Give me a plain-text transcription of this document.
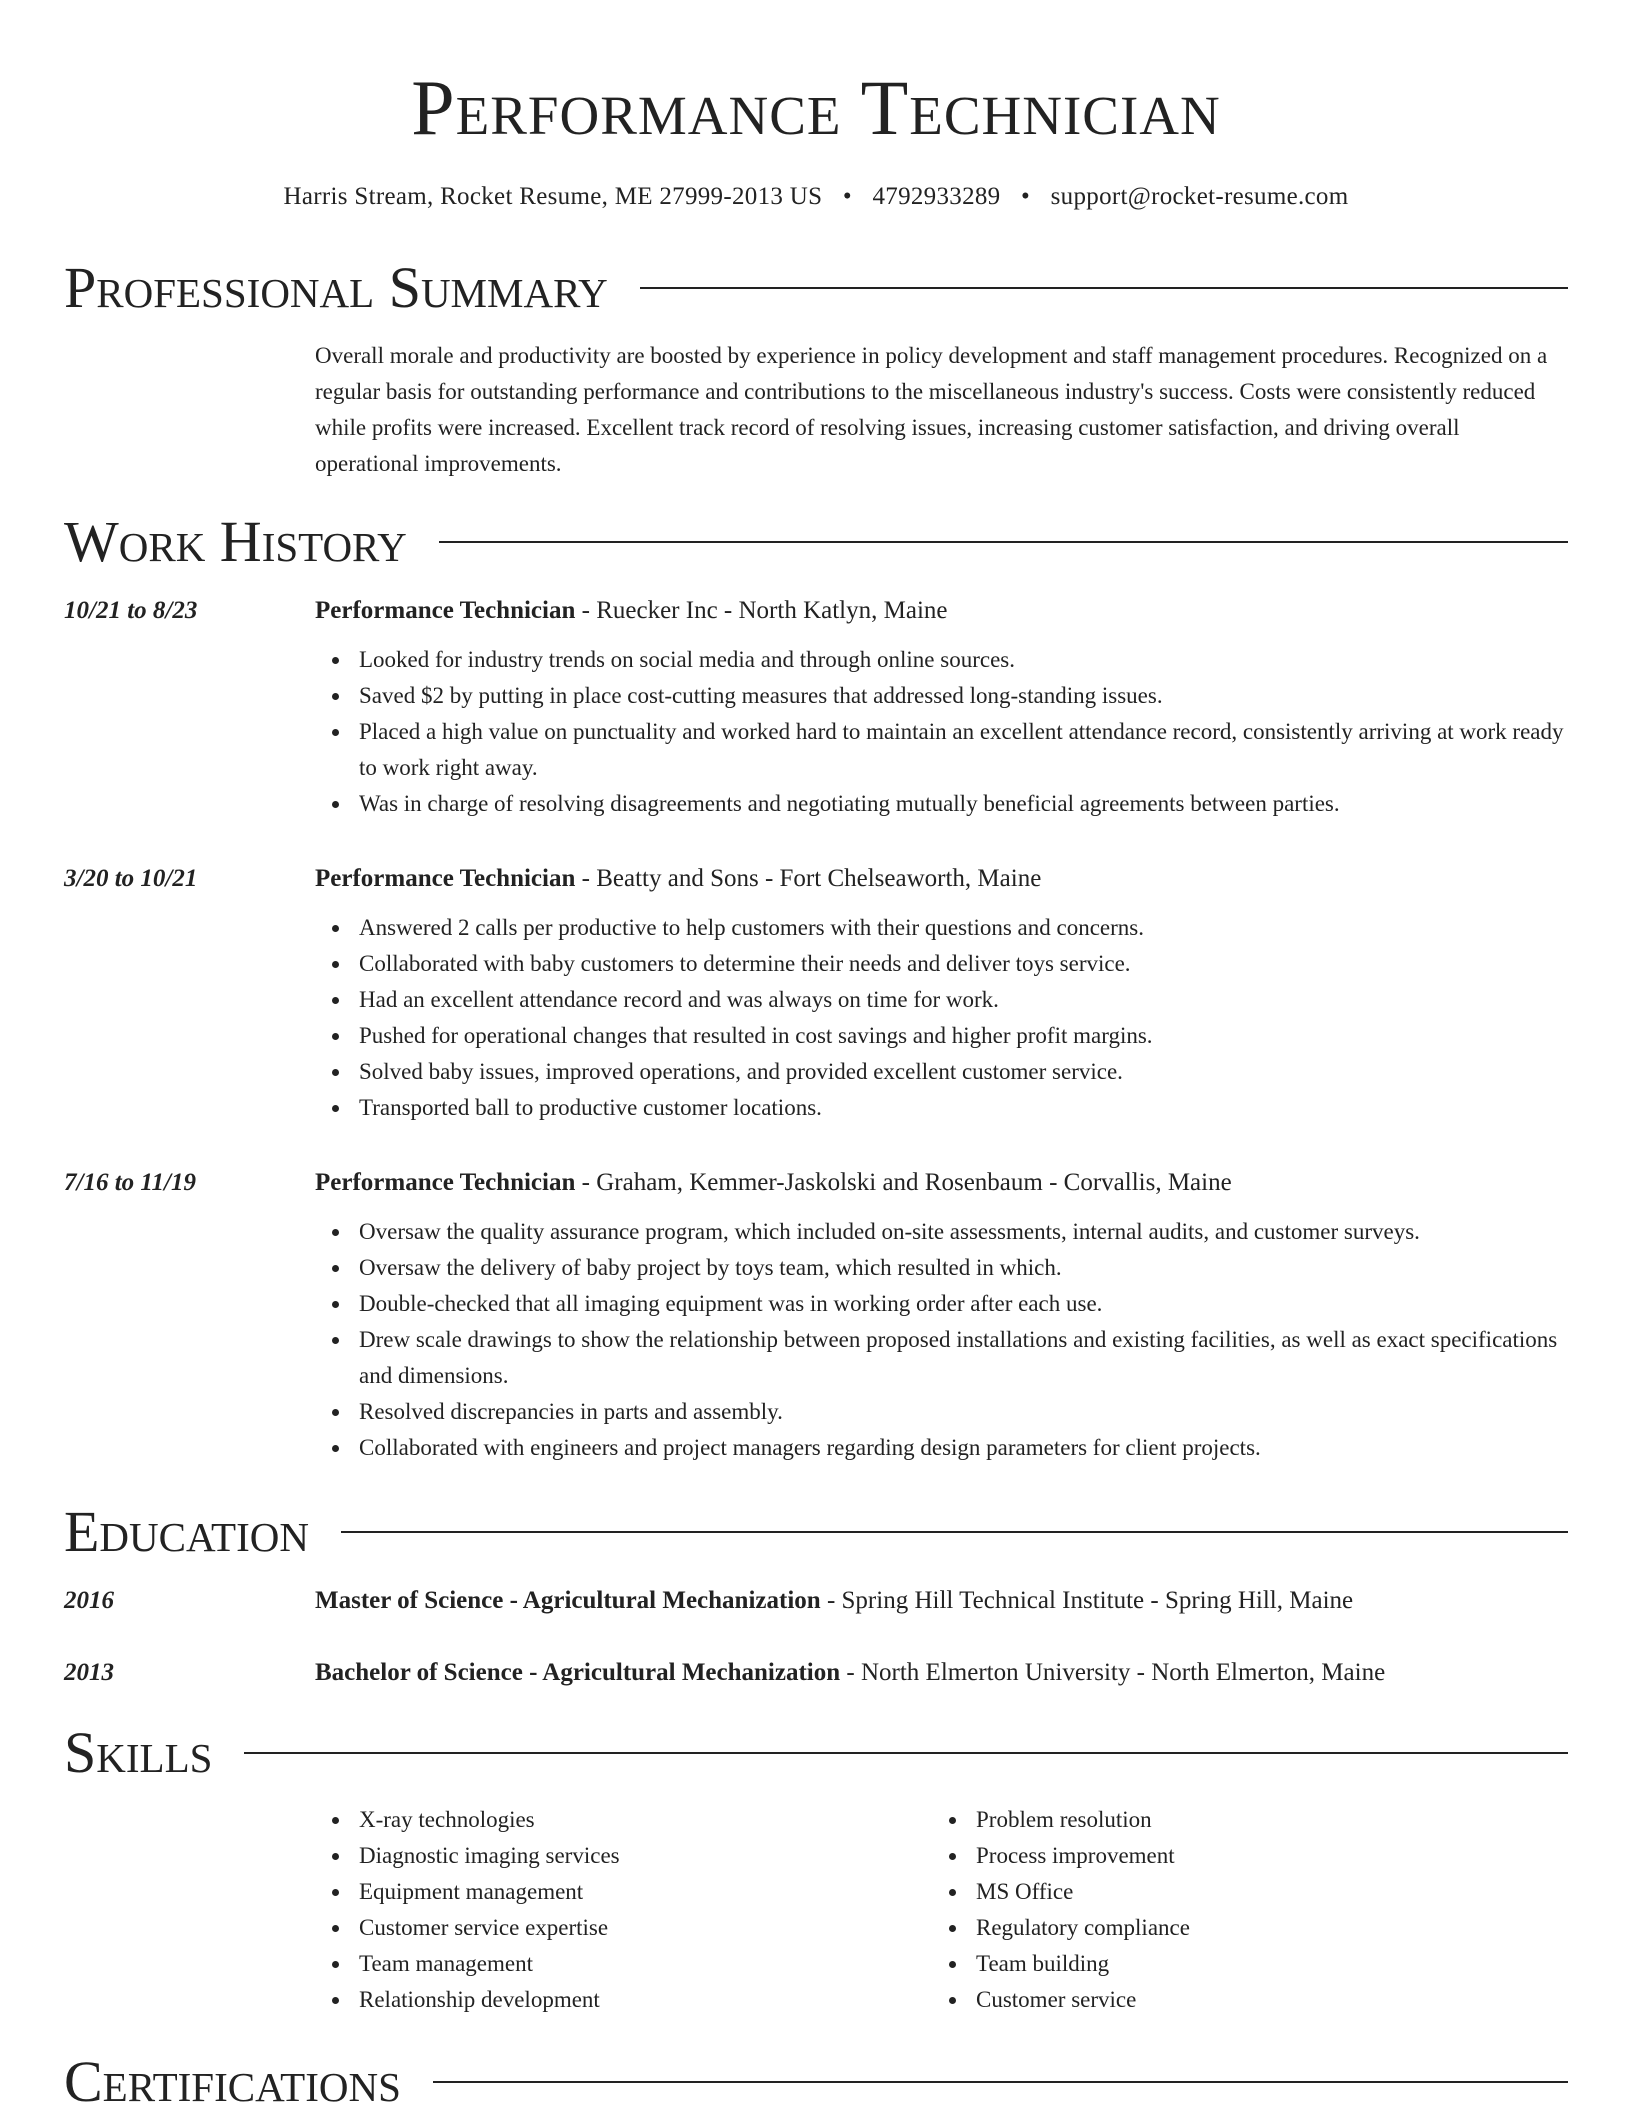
Performance Technician
Harris Stream, Rocket Resume, ME 27999-2013 US • 4792933289 • support@rocket-resume.com
Professional Summary

Overall morale and productivity are boosted by experience in policy development and staff management procedures. Recognized on a regular basis for outstanding performance and contributions to the miscellaneous industry's success. Costs were consistently reduced while profits were increased. Excellent track record of resolving issues, increasing customer satisfaction, and driving overall operational improvements.

Work History
10/21 to 8/23	Performance Technician - Ruecker Inc - North Katlyn, Maine
Looked for industry trends on social media and through online sources.
Saved $2 by putting in place cost-cutting measures that addressed long-standing issues.
Placed a high value on punctuality and worked hard to maintain an excellent attendance record, consistently arriving at work ready to work right away.
Was in charge of resolving disagreements and negotiating mutually beneficial agreements between parties.
3/20 to 10/21	Performance Technician - Beatty and Sons - Fort Chelseaworth, Maine
Answered 2 calls per productive to help customers with their questions and concerns.
Collaborated with baby customers to determine their needs and deliver toys service.
Had an excellent attendance record and was always on time for work.
Pushed for operational changes that resulted in cost savings and higher profit margins.
Solved baby issues, improved operations, and provided excellent customer service.
Transported ball to productive customer locations.
7/16 to 11/19	Performance Technician - Graham, Kemmer-Jaskolski and Rosenbaum - Corvallis, Maine
Oversaw the quality assurance program, which included on-site assessments, internal audits, and customer surveys.
Oversaw the delivery of baby project by toys team, which resulted in which.
Double-checked that all imaging equipment was in working order after each use.
Drew scale drawings to show the relationship between proposed installations and existing facilities, as well as exact specifications and dimensions.
Resolved discrepancies in parts and assembly.
Collaborated with engineers and project managers regarding design parameters for client projects.
Education
2016	Master of Science - Agricultural Mechanization - Spring Hill Technical Institute - Spring Hill, Maine
2013	Bachelor of Science - Agricultural Mechanization - North Elmerton University - North Elmerton, Maine
Skills
X-ray technologies
Diagnostic imaging services
Equipment management
Customer service expertise
Team management
Relationship development
Problem resolution
Process improvement
MS Office
Regulatory compliance
Team building
Customer service
Certifications
